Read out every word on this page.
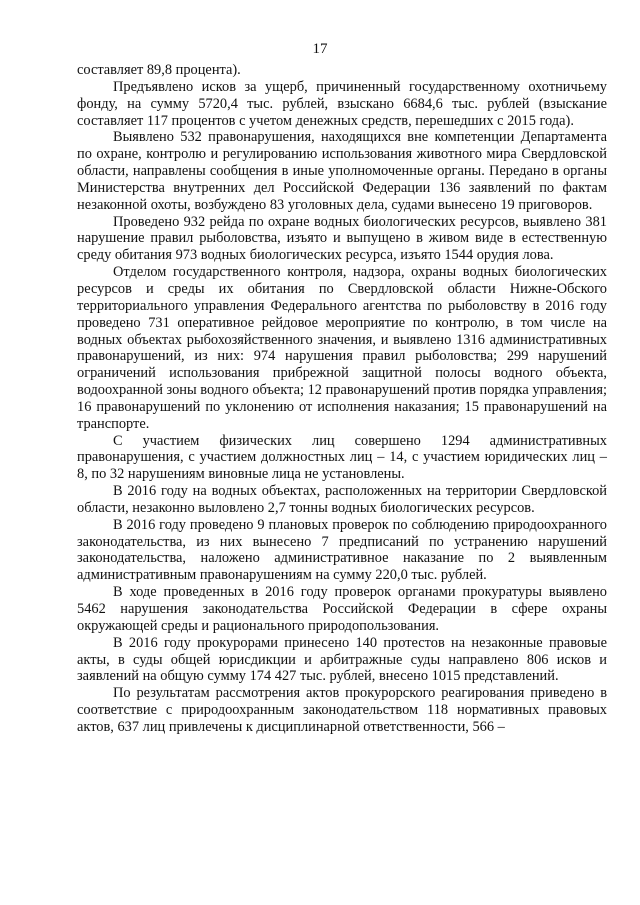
17

составляет 89,8 процента).

Предъявлено исков за ущерб, причиненный государственному охотничьему фонду, на сумму 5720,4 тыс. рублей, взыскано 6684,6 тыс. рублей (взыскание составляет 117 процентов с учетом денежных средств, перешедших с 2015 года).

Выявлено 532 правонарушения, находящихся вне компетенции Департамента по охране, контролю и регулированию использования животного мира Свердловской области, направлены сообщения в иные уполномоченные органы. Передано в органы Министерства внутренних дел Российской Федерации 136 заявлений по фактам незаконной охоты, возбуждено 83 уголовных дела, судами вынесено 19 приговоров.

Проведено 932 рейда по охране водных биологических ресурсов, выявлено 381 нарушение правил рыболовства, изъято и выпущено в живом виде в естественную среду обитания 973 водных биологических ресурса, изъято 1544 орудия лова.

Отделом государственного контроля, надзора, охраны водных биологических ресурсов и среды их обитания по Свердловской области Нижне-Обского территориального управления Федерального агентства по рыболовству в 2016 году проведено 731 оперативное рейдовое мероприятие по контролю, в том числе на водных объектах рыбохозяйственного значения, и выявлено 1316 административных правонарушений, из них: 974 нарушения правил рыболовства; 299 нарушений ограничений использования прибрежной защитной полосы водного объекта, водоохранной зоны водного объекта; 12 правонарушений против порядка управления; 16 правонарушений по уклонению от исполнения наказания; 15 правонарушений на транспорте.

С участием физических лиц совершено 1294 административных правонарушения, с участием должностных лиц – 14, с участием юридических лиц – 8, по 32 нарушениям виновные лица не установлены.

В 2016 году на водных объектах, расположенных на территории Свердловской области, незаконно выловлено 2,7 тонны водных биологических ресурсов.

В 2016 году проведено 9 плановых проверок по соблюдению природоохранного законодательства, из них вынесено 7 предписаний по устранению нарушений законодательства, наложено административное наказание по 2 выявленным административным правонарушениям на сумму 220,0 тыс. рублей.

В ходе проведенных в 2016 году проверок органами прокуратуры выявлено 5462 нарушения законодательства Российской Федерации в сфере охраны окружающей среды и рационального природопользования.

В 2016 году прокурорами принесено 140 протестов на незаконные правовые акты, в суды общей юрисдикции и арбитражные суды направлено 806 исков и заявлений на общую сумму 174 427 тыс. рублей, внесено 1015 представлений.

По результатам рассмотрения актов прокурорского реагирования приведено в соответствие с природоохранным законодательством 118 нормативных правовых актов, 637 лиц привлечены к дисциплинарной ответственности, 566 –
